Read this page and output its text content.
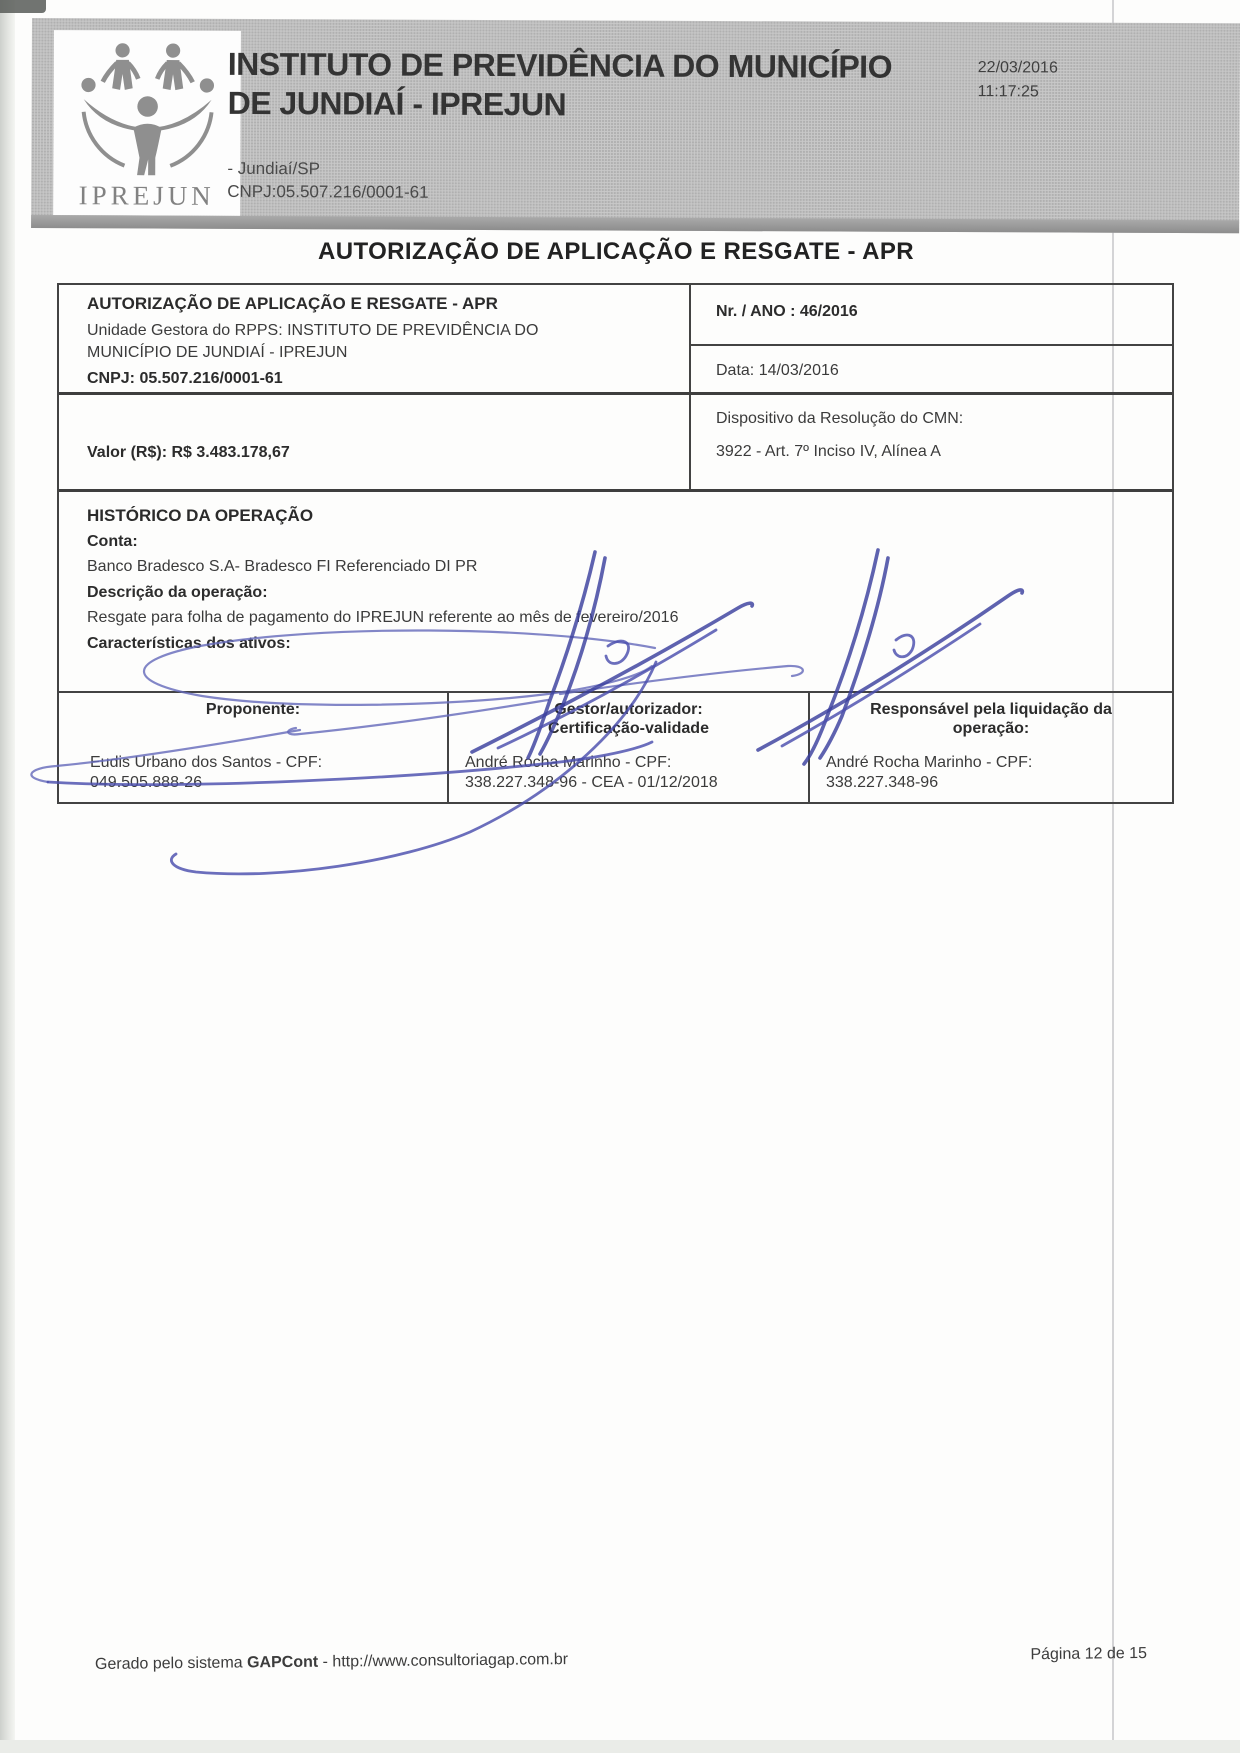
IPREJUN
INSTITUTO DE PREVIDÊNCIA DO MUNICÍPIO
DE JUNDIAÍ - IPREJUN
22/03/2016
11:17:25
- Jundiaí/SP
CNPJ:05.507.216/0001-61
AUTORIZAÇÃO DE APLICAÇÃO E RESGATE - APR
AUTORIZAÇÃO DE APLICAÇÃO E RESGATE - APR
Unidade Gestora do RPPS: INSTITUTO DE PREVIDÊNCIA DO
MUNICÍPIO DE JUNDIAÍ - IPREJUN
CNPJ: 05.507.216/0001-61
Nr. / ANO : 46/2016
Data: 14/03/2016
Valor (R$): R$ 3.483.178,67
Dispositivo da Resolução do CMN:
3922 - Art. 7º Inciso IV, Alínea A
HISTÓRICO DA OPERAÇÃO
Conta:
Banco Bradesco S.A- Bradesco FI Referenciado DI PR
Descrição da operação:
Resgate para folha de pagamento do IPREJUN referente ao mês de fevereiro/2016
Características dos ativos:
Proponente:
Eudis Urbano dos Santos - CPF:
049.505.888-26
Gestor/autorizador:
Certificação-validade
André Rocha Marinho - CPF:
338.227.348-96 - CEA - 01/12/2018
Responsável pela liquidação da
operação:
André Rocha Marinho - CPF:
338.227.348-96
Gerado pelo sistema GAPCont - http://www.consultoriagap.com.br	Página 12 de 15
